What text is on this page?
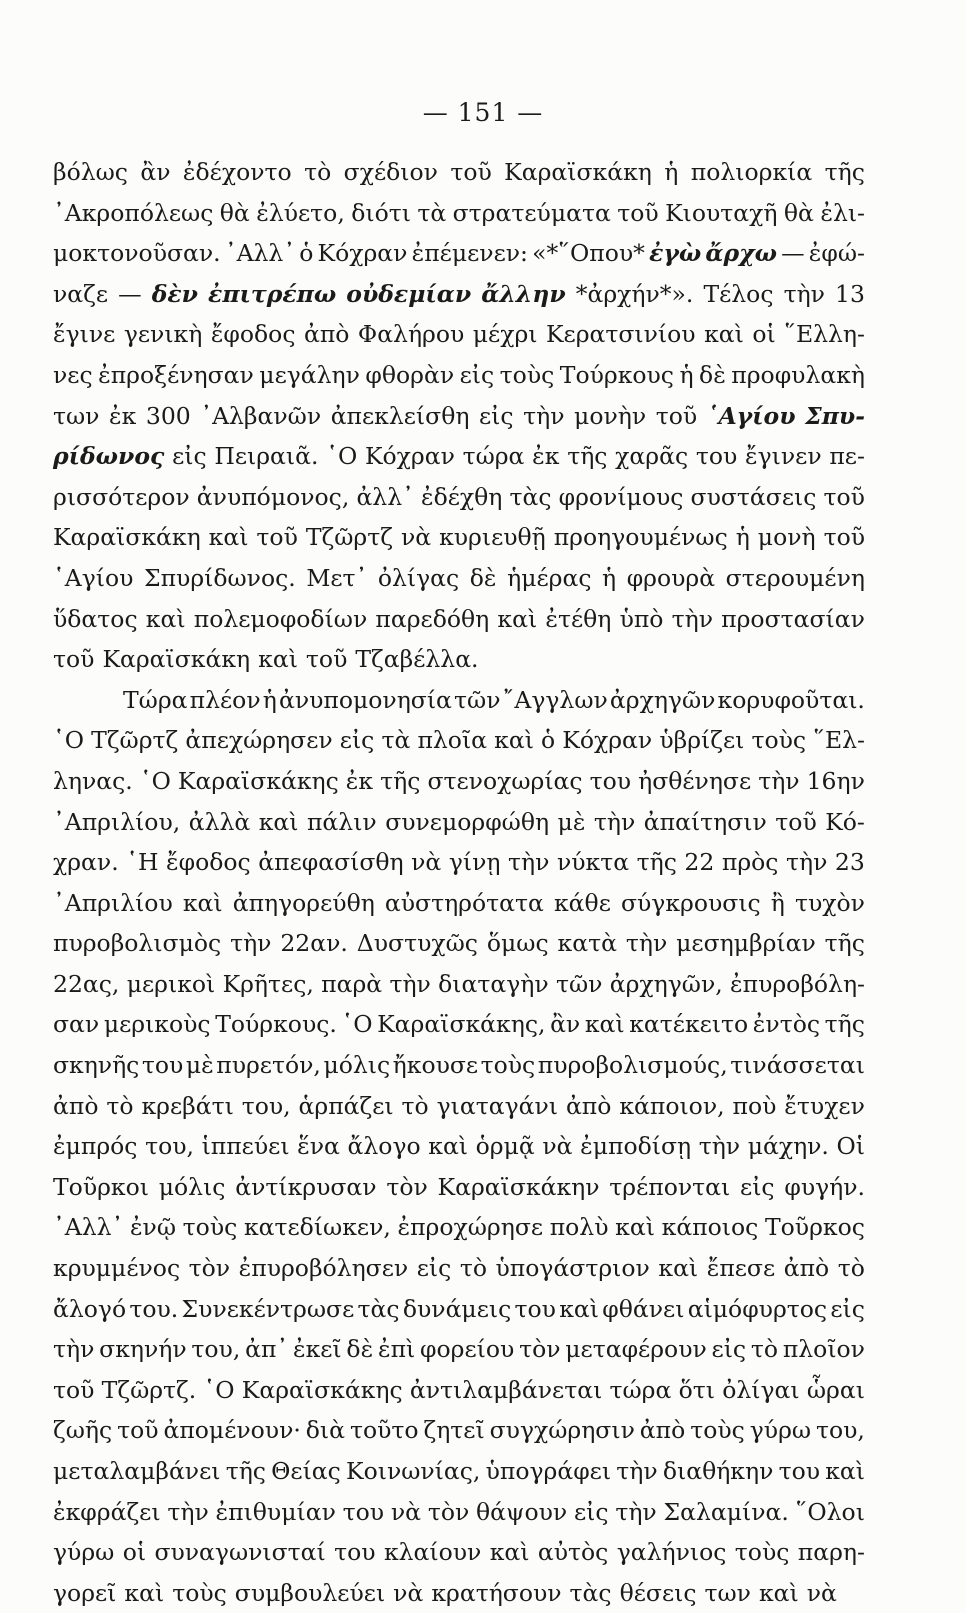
— 151 —
βόλως ἂν ἐδέχοντο τὸ σχέδιον τοῦ Καραϊσκάκη ἡ πολιορκία τῆς
᾽Ακροπόλεως θὰ ἐλύετο, διότι τὰ στρατεύματα τοῦ Κιουταχῆ θὰ ἐλι-
μοκτονοῦσαν. ᾽Αλλ᾽ ὁ Κόχραν ἐπέμενεν: «*῞Οπου* ἐγὼ ἄρχω — ἐφώ-
ναζε — δὲν ἐπιτρέπω οὐδεμίαν ἄλλην *ἀρχήν*». Τέλος τὴν 13
ἔγινε γενικὴ ἔφοδος ἀπὸ Φαλήρου μέχρι Κερατσινίου καὶ οἱ ῞Ελλη-
νες ἐπροξένησαν μεγάλην φθορὰν εἰς τοὺς Τούρκους ἡ δὲ προφυλακὴ
των ἐκ 300 ᾽Αλβανῶν ἀπεκλείσθη εἰς τὴν μονὴν τοῦ ῾Αγίου Σπυ-
ρίδωνος εἰς Πειραιᾶ. ῾Ο Κόχραν τώρα ἐκ τῆς χαρᾶς του ἔγινεν πε-
ρισσότερον ἀνυπόμονος, ἀλλ᾽ ἐδέχθη τὰς φρονίμους συστάσεις τοῦ
Καραϊσκάκη καὶ τοῦ Τζῶρτζ νὰ κυριευθῇ προηγουμένως ἡ μονὴ τοῦ
῾Αγίου Σπυρίδωνος. Μετ᾽ ὀλίγας δὲ ἡμέρας ἡ φρουρὰ στερουμένη
ὕδατος καὶ πολεμοφοδίων παρεδόθη καὶ ἐτέθη ὑπὸ τὴν προστασίαν
τοῦ Καραϊσκάκη καὶ τοῦ Τζαβέλλα.
Τώρα πλέον ἡ ἀνυπομονησία τῶν ῎Αγγλων ἀρχηγῶν κορυφοῦται.
῾Ο Τζῶρτζ ἀπεχώρησεν εἰς τὰ πλοῖα καὶ ὁ Κόχραν ὑβρίζει τοὺς ῞Ελ-
ληνας. ῾Ο Καραϊσκάκης ἐκ τῆς στενοχωρίας του ἠσθένησε τὴν 16ην
᾽Απριλίου, ἀλλὰ καὶ πάλιν συνεμορφώθη μὲ τὴν ἀπαίτησιν τοῦ Κό-
χραν. ῾Η ἔφοδος ἀπεφασίσθη νὰ γίνῃ τὴν νύκτα τῆς 22 πρὸς τὴν 23
᾽Απριλίου καὶ ἀπηγορεύθη αὐστηρότατα κάθε σύγκρουσις ἢ τυχὸν
πυροβολισμὸς τὴν 22αν. Δυστυχῶς ὅμως κατὰ τὴν μεσημβρίαν τῆς
22ας, μερικοὶ Κρῆτες, παρὰ τὴν διαταγὴν τῶν ἀρχηγῶν, ἐπυροβόλη-
σαν μερικοὺς Τούρκους. ῾Ο Καραϊσκάκης, ἂν καὶ κατέκειτο ἐντὸς τῆς
σκηνῆς του μὲ πυρετόν, μόλις ἤκουσε τοὺς πυροβολισμούς, τινάσσεται
ἀπὸ τὸ κρεβάτι του, ἁρπάζει τὸ γιαταγάνι ἀπὸ κάποιον, ποὺ ἔτυχεν
ἐμπρός του, ἱππεύει ἕνα ἄλογο καὶ ὁρμᾷ νὰ ἐμποδίσῃ τὴν μάχην. Οἱ
Τοῦρκοι μόλις ἀντίκρυσαν τὸν Καραϊσκάκην τρέπονται εἰς φυγήν.
᾽Αλλ᾽ ἐνῷ τοὺς κατεδίωκεν, ἐπροχώρησε πολὺ καὶ κάποιος Τοῦρκος
κρυμμένος τὸν ἐπυροβόλησεν εἰς τὸ ὑπογάστριον καὶ ἔπεσε ἀπὸ τὸ
ἄλογό του. Συνεκέντρωσε τὰς δυνάμεις του καὶ φθάνει αἱμόφυρτος εἰς
τὴν σκηνήν του, ἀπ᾽ ἐκεῖ δὲ ἐπὶ φορείου τὸν μεταφέρουν εἰς τὸ πλοῖον
τοῦ Τζῶρτζ. ῾Ο Καραϊσκάκης ἀντιλαμβάνεται τώρα ὅτι ὀλίγαι ὧραι
ζωῆς τοῦ ἀπομένουν· διὰ τοῦτο ζητεῖ συγχώρησιν ἀπὸ τοὺς γύρω του,
μεταλαμβάνει τῆς Θείας Κοινωνίας, ὑπογράφει τὴν διαθήκην του καὶ
ἐκφράζει τὴν ἐπιθυμίαν του νὰ τὸν θάψουν εἰς τὴν Σαλαμίνα. ῞Ολοι
γύρω οἱ συναγωνισταί του κλαίουν καὶ αὐτὸς γαλήνιος τοὺς παρη-
γορεῖ καὶ τοὺς συμβουλεύει νὰ κρατήσουν τὰς θέσεις των καὶ νὰ
